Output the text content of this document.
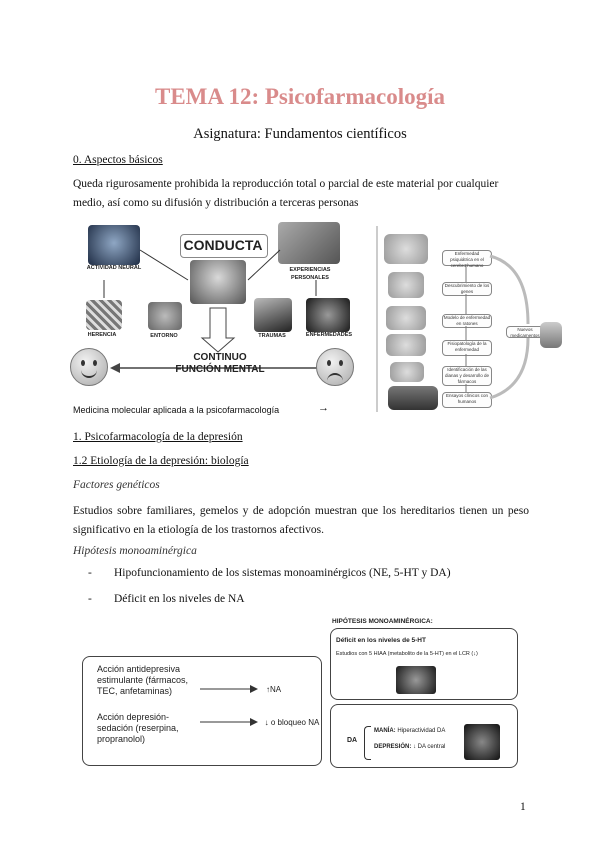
TEMA 12: Psicofarmacología
Asignatura: Fundamentos científicos
0. Aspectos básicos
Queda rigurosamente prohibida la reproducción total o parcial de este material por cualquier medio, así como su difusión y distribución a terceras personas
CONDUCTA
ACTIVIDAD NEURAL	EXPERIENCIAS PERSONALES
HERENCIA	ENTORNO	TRAUMAS	ENFERMEDADES
CONTINUO
FUNCIÓN MENTAL
Medicina molecular aplicada a la psicofarmacología	→
Enfermedad psiquiátrica en el cerebro humano
Descubrimiento de los genes
Modelo de enfermedad en ratones
Fisiopatología de la enfermedad
Identificación de las dianas y desarrollo de fármacos
Ensayos clínicos con humanos
Nuevos medicamentos
1. Psicofarmacología de la depresión
1.2 Etiología de la depresión: biología
Factores genéticos
Estudios sobre familiares, gemelos y de adopción muestran que los hereditarios tienen un peso significativo en la etiología de los trastornos afectivos.
Hipótesis monoaminérgica
- Hipofuncionamiento de los sistemas monoaminérgicos (NE, 5-HT y DA)
- Déficit en los niveles de NA
Acción antidepresiva estimulante (fármacos, TEC, anfetaminas)
Acción depresión-sedación (reserpina, propranolol)
↑NA
↓ o bloqueo NA
HIPÓTESIS MONOAMINÉRGICA:
Déficit en los niveles de 5-HT
Estudios con 5 HIAA (metabolito de la 5-HT) en el LCR (↓)
DA
MANÍA: Hiperactividad DA
DEPRESIÓN: ↓ DA central
1
